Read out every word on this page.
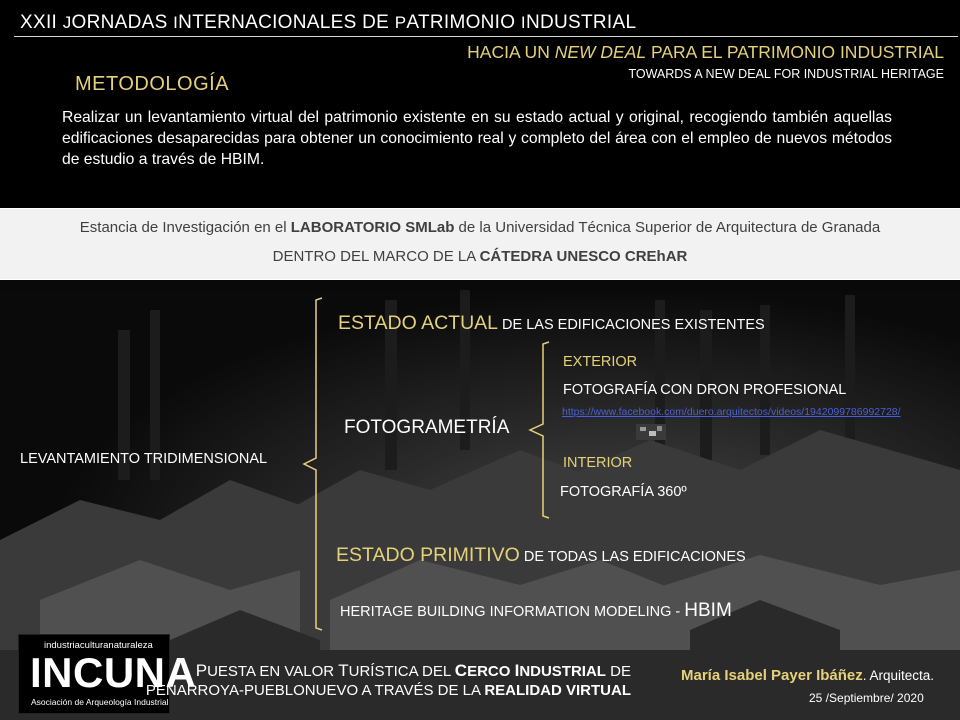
XXII JORNADAS INTERNACIONALES DE PATRIMONIO INDUSTRIAL
HACIA UN NEW DEAL PARA EL PATRIMONIO INDUSTRIAL
TOWARDS A NEW DEAL FOR INDUSTRIAL HERITAGE
METODOLOGÍA

Realizar un levantamiento virtual del patrimonio existente en su estado actual y original, recogiendo también aquellas edificaciones desaparecidas para obtener un conocimiento real y completo del área con el empleo de nuevos métodos de estudio a través de HBIM.

Estancia de Investigación en el LABORATORIO SMLab de la Universidad Técnica Superior de Arquitectura de Granada
DENTRO DEL MARCO DE LA CÁTEDRA UNESCO CREhAR
ESTADO ACTUAL DE LAS EDIFICACIONES EXISTENTES
EXTERIOR
FOTOGRAFÍA CON DRON PROFESIONAL
https://www.facebook.com/duero.arquitectos/videos/1942099786992728/
FOTOGRAMETRÍA
INTERIOR
FOTOGRAFÍA 360º
LEVANTAMIENTO TRIDIMENSIONAL
ESTADO PRIMITIVO DE TODAS LAS EDIFICACIONES
HERITAGE BUILDING INFORMATION MODELING - HBIM
industriaculturanaturaleza
INCUNA
Asociación de Arqueología Industrial
PUESTA EN VALOR TURÍSTICA DEL CERCO INDUSTRIAL DE
PEÑARROYA-PUEBLONUEVO A TRAVÉS DE LA REALIDAD VIRTUAL
María Isabel Payer Ibáñez. Arquitecta.
25 /Septiembre/ 2020
